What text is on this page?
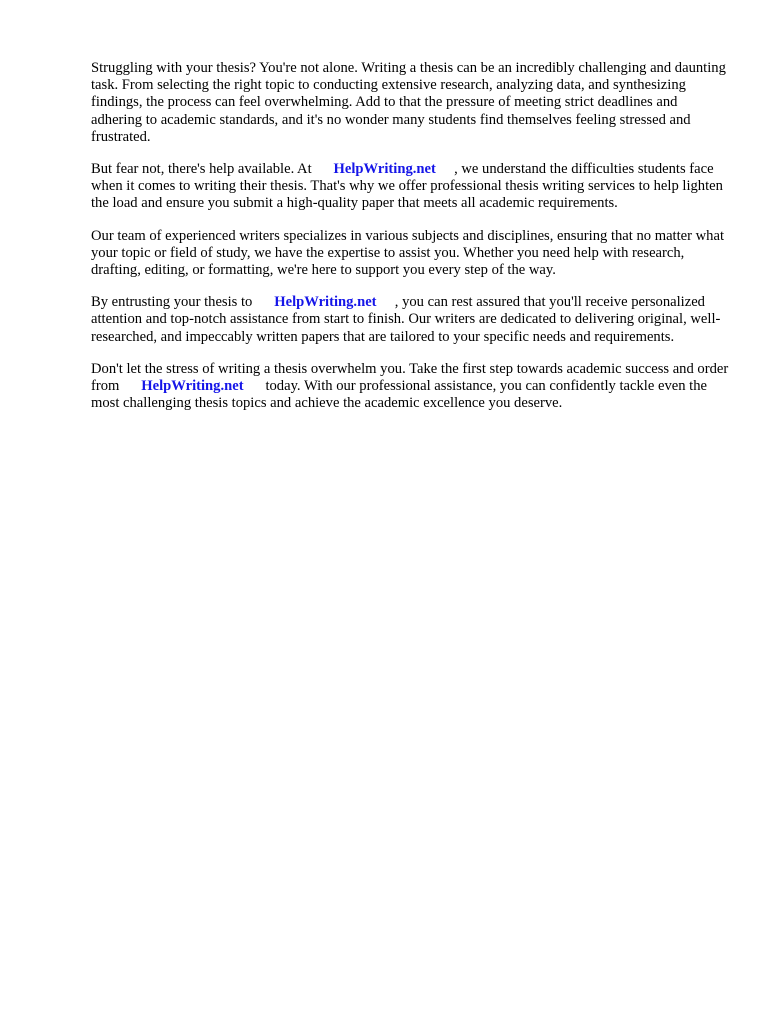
Struggling with your thesis? You're not alone. Writing a thesis can be an incredibly challenging and daunting task. From selecting the right topic to conducting extensive research, analyzing data, and synthesizing findings, the process can feel overwhelming. Add to that the pressure of meeting strict deadlines and adhering to academic standards, and it's no wonder many students find themselves feeling stressed and frustrated.

But fear not, there's help available. At HelpWriting.net , we understand the difficulties students face when it comes to writing their thesis. That's why we offer professional thesis writing services to help lighten the load and ensure you submit a high-quality paper that meets all academic requirements.

Our team of experienced writers specializes in various subjects and disciplines, ensuring that no matter what your topic or field of study, we have the expertise to assist you. Whether you need help with research, drafting, editing, or formatting, we're here to support you every step of the way.

By entrusting your thesis to HelpWriting.net , you can rest assured that you'll receive personalized attention and top-notch assistance from start to finish. Our writers are dedicated to delivering original, well-researched, and impeccably written papers that are tailored to your specific needs and requirements.

Don't let the stress of writing a thesis overwhelm you. Take the first step towards academic success and order from HelpWriting.net today. With our professional assistance, you can confidently tackle even the most challenging thesis topics and achieve the academic excellence you deserve.
